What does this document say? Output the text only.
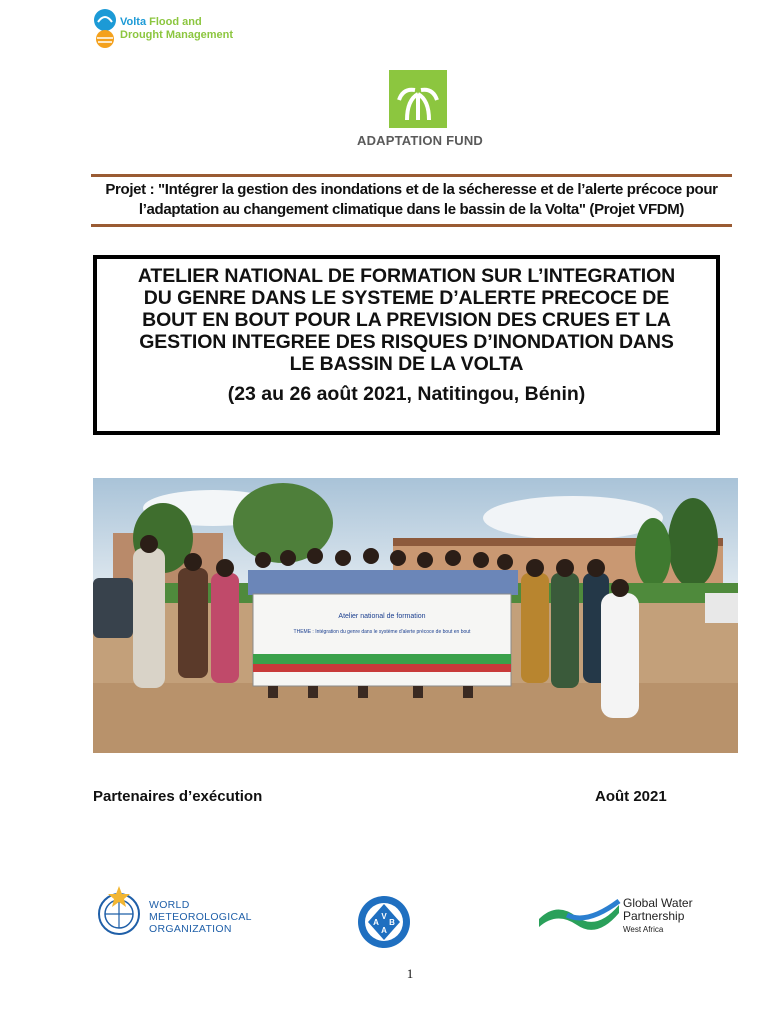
Volta Flood and
Drought Management
ADAPTATION FUND
Projet : "Intégrer la gestion des inondations et de la sécheresse et de l’alerte précoce pour
l’adaptation au changement climatique dans le bassin de la Volta" (Projet VFDM)
ATELIER NATIONAL DE FORMATION SUR L’INTEGRATION
DU GENRE DANS LE SYSTEME D’ALERTE PRECOCE DE
BOUT EN BOUT POUR LA PREVISION DES CRUES ET LA
GESTION INTEGREE DES RISQUES D’INONDATION DANS
LE BASSIN DE LA VOLTA
(23 au 26 août 2021, Natitingou, Bénin)
Atelier national de formation
THEME : Intégration du genre dans le système d'alerte précoce de bout en bout
Partenaires d’exécution	Août 2021
WORLD
METEOROLOGICAL
ORGANIZATION
V
A B
A
Global Water
Partnership
West Africa
1
